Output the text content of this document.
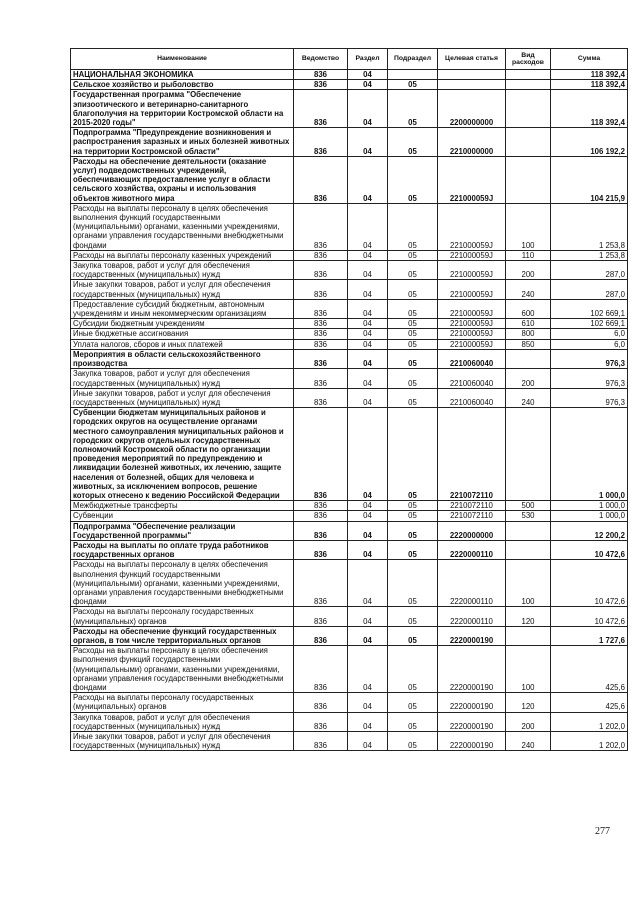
Наименование	Ведомство	Раздел	Подраздел	Целевая статья	Вид расходов	Сумма
НАЦИОНАЛЬНАЯ ЭКОНОМИКА	836	04				118 392,4
Сельское хозяйство и рыболовство	836	04	05			118 392,4
Государственная программа "Обеспечение эпизоотического и ветеринарно-санитарного благополучия на территории Костромской области на 2015-2020 годы"	836	04	05	2200000000		118 392,4
Подпрограмма "Предупреждение возникновения и распространения заразных и иных болезней животных на территории Костромской области"	836	04	05	2210000000		106 192,2
Расходы на обеспечение деятельности (оказание услуг) подведомственных учреждений, обеспечивающих предоставление услуг в области сельского хозяйства, охраны и использования объектов животного мира	836	04	05	221000059J		104 215,9
Расходы на выплаты персоналу в целях обеспечения выполнения функций государственными (муниципальными) органами, казенными учреждениями, органами управления государственными внебюджетными фондами	836	04	05	221000059J	100	1 253,8
Расходы на выплаты персоналу казенных учреждений	836	04	05	221000059J	110	1 253,8
Закупка товаров, работ и услуг для обеспечения государственных (муниципальных) нужд	836	04	05	221000059J	200	287,0
Иные закупки товаров, работ и услуг для обеспечения государственных (муниципальных) нужд	836	04	05	221000059J	240	287,0
Предоставление субсидий бюджетным, автономным учреждениям и иным некоммерческим организациям	836	04	05	221000059J	600	102 669,1
Субсидии бюджетным учреждениям	836	04	05	221000059J	610	102 669,1
Иные бюджетные ассигнования	836	04	05	221000059J	800	6,0
Уплата налогов, сборов и иных платежей	836	04	05	221000059J	850	6,0
Мероприятия в области сельскохозяйственного производства	836	04	05	2210060040		976,3
Закупка товаров, работ и услуг для обеспечения государственных (муниципальных) нужд	836	04	05	2210060040	200	976,3
Иные закупки товаров, работ и услуг для обеспечения государственных (муниципальных) нужд	836	04	05	2210060040	240	976,3
Субвенции бюджетам муниципальных районов и городских округов на осуществление органами местного самоуправления муниципальных районов и городских округов отдельных государственных полномочий Костромской области по организации проведения мероприятий по предупреждению и ликвидации болезней животных, их лечению, защите населения от болезней, общих для человека и животных, за исключением вопросов, решение которых отнесено к ведению Российской Федерации	836	04	05	2210072110		1 000,0
Межбюджетные трансферты	836	04	05	2210072110	500	1 000,0
Субвенции	836	04	05	2210072110	530	1 000,0
Подпрограмма "Обеспечение реализации Государственной программы"	836	04	05	2220000000		12 200,2
Расходы на выплаты по оплате труда работников государственных органов	836	04	05	2220000110		10 472,6
Расходы на выплаты персоналу в целях обеспечения выполнения функций государственными (муниципальными) органами, казенными учреждениями, органами управления государственными внебюджетными фондами	836	04	05	2220000110	100	10 472,6
Расходы на выплаты персоналу государственных (муниципальных) органов	836	04	05	2220000110	120	10 472,6
Расходы на обеспечение функций государственных органов, в том числе территориальных органов	836	04	05	2220000190		1 727,6
Расходы на выплаты персоналу в целях обеспечения выполнения функций государственными (муниципальными) органами, казенными учреждениями, органами управления государственными внебюджетными фондами	836	04	05	2220000190	100	425,6
Расходы на выплаты персоналу государственных (муниципальных) органов	836	04	05	2220000190	120	425,6
Закупка товаров, работ и услуг для обеспечения государственных (муниципальных) нужд	836	04	05	2220000190	200	1 202,0
Иные закупки товаров, работ и услуг для обеспечения государственных (муниципальных) нужд	836	04	05	2220000190	240	1 202,0
277
